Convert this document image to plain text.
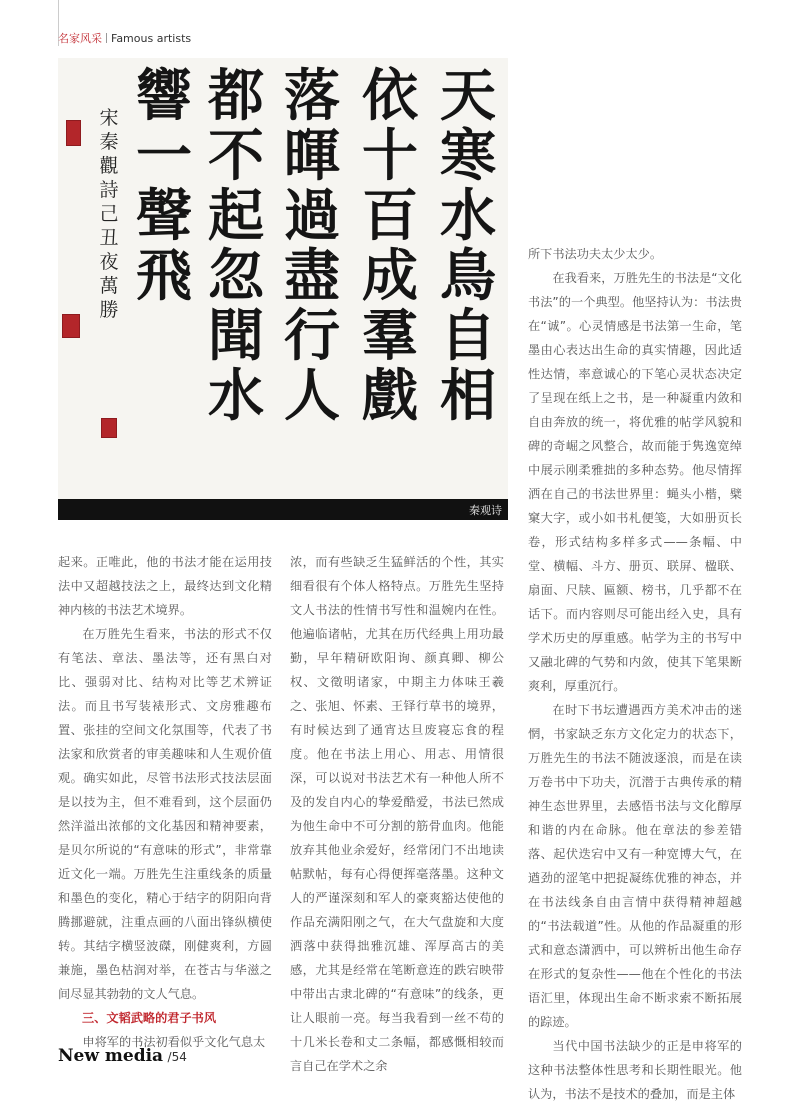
名家风采 Famous artists
天寒水鳥自相
依十百成羣戲
落暉過盡行人
都不起忽聞水
響一聲飛
宋秦觀詩己丑夜萬勝
秦观诗

所下书法功夫太少太少。

在我看来，万胜先生的书法是“文化书法”的一个典型。他坚持认为：书法贵在“诚”。心灵情感是书法第一生命，笔墨由心表达出生命的真实情趣，因此适性达情，率意诚心的下笔心灵状态决定了呈现在纸上之书，是一种凝重内敛和自由奔放的统一，将优雅的帖学风貌和碑的奇崛之风整合，故而能于隽逸宽绰中展示刚柔雅拙的多种态势。他尽情挥洒在自己的书法世界里：蝇头小楷，檗窠大字，或小如书札便笺，大如册页长卷，形式结构多样多式——条幅、中堂、横幅、斗方、册页、联屏、楹联、扇面、尺牍、匾额、榜书，几乎都不在话下。而内容则尽可能出经入史，具有学术历史的厚重感。帖学为主的书写中又融北碑的气势和内敛，使其下笔果断爽利，厚重沉行。

在时下书坛遭遇西方美术冲击的迷惘，书家缺乏东方文化定力的状态下，万胜先生的书法不随波逐浪，而是在读万卷书中下功夫，沉潜于古典传承的精神生态世界里，去感悟书法与文化醇厚和谐的内在命脉。他在章法的参差错落、起伏迭宕中又有一种宽博大气，在遒劲的涩笔中把捉凝练优雅的神态，并在书法线条自由言情中获得精神超越的“书法载道”性。从他的作品凝重的形式和意态潇洒中，可以辨析出他生命存在形式的复杂性——他在个性化的书法语汇里，体现出生命不断求索不断拓展的踪迹。

当代中国书法缺少的正是申将军的这种书法整体性思考和长期性眼光。他认为，书法不是技术的叠加，而是主体

起来。正唯此，他的书法才能在运用技法中又超越技法之上，最终达到文化精神内核的书法艺术境界。

在万胜先生看来，书法的形式不仅有笔法、章法、墨法等，还有黑白对比、强弱对比、结构对比等艺术辨证法。而且书写装裱形式、文房雅趣布置、张挂的空间文化氛围等，代表了书法家和欣赏者的审美趣味和人生观价值观。确实如此，尽管书法形式技法层面是以技为主，但不难看到，这个层面仍然洋溢出浓郁的文化基因和精神要素，是贝尔所说的“有意味的形式”，非常靠近文化一端。万胜先生注重线条的质量和墨色的变化，精心于结字的阴阳向背腾挪避就，注重点画的八面出锋纵横使转。其结字横竖波磔，刚健爽利，方圆兼施，墨色枯润对举，在苍古与华滋之间尽显其勃勃的文人气息。

三、文韬武略的君子书风

申将军的书法初看似乎文化气息太

浓，而有些缺乏生猛鲜活的个性，其实细看很有个体人格特点。万胜先生坚持文人书法的性情书写性和温婉内在性。他遍临诸帖，尤其在历代经典上用功最勤，早年精研欧阳询、颜真卿、柳公权、文徵明诸家，中期主力体味王羲之、张旭、怀素、王铎行草书的境界，有时候达到了通宵达旦废寝忘食的程度。他在书法上用心、用志、用情很深，可以说对书法艺术有一种他人所不及的发自内心的挚爱酷爱，书法已然成为他生命中不可分割的筋骨血肉。他能放弃其他业余爱好，经常闭门不出地读帖默帖，每有心得便挥毫落墨。这种文人的严谨深刻和军人的豪爽豁达使他的作品充满阳刚之气，在大气盘旋和大度洒落中获得拙雅沉雄、浑厚高古的美感，尤其是经常在笔断意连的跌宕映带中带出古隶北碑的“有意味”的线条，更让人眼前一亮。每当我看到一丝不苟的十几米长卷和丈二条幅，都感慨相较而言自己在学术之余

New media /54
